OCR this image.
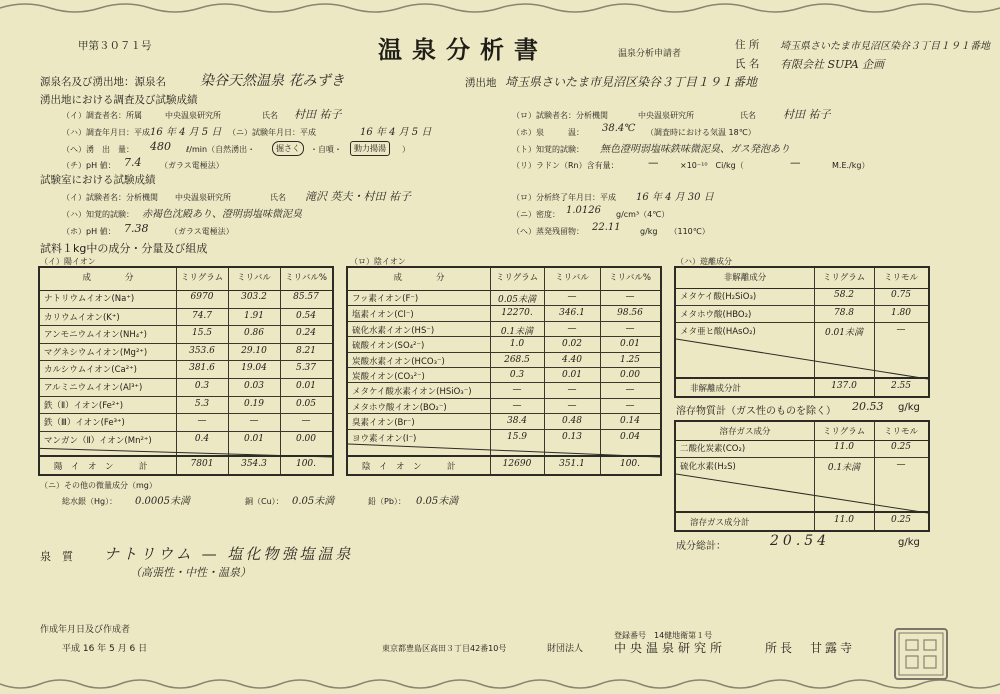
甲第３０７１号	温泉分析書	温泉分析申請者
住 所 埼玉県さいたま市見沼区染谷３丁目１９１番地
氏 名 有限会社 SUPA 企画
源泉名及び湧出地：源泉名 染谷天然温泉 花みずき	湧出地 埼玉県さいたま市見沼区染谷３丁目１９１番地
湧出地における調査及び試験成績
（イ）調査者名：所属	中央温泉研究所	氏名 村田 祐子
（ハ）調査年月日：平成 16 年 4 月 5 日 （ニ）試験年月日：平成	16 年 4 月 5 日
（ヘ）湧　出　量： 480 ℓ/min（自然湧出・	掘さく	・自噴・	動力揚湯	）
（チ）pH 値： 7.4 （ガラス電極法）
（ロ）試験者名：分析機関	中央温泉研究所	氏名 村田 祐子
（ホ）泉　　　温： 38.4℃ （調査時における気温 18℃）
（ト）知覚的試験： 無色澄明弱塩味鉄味微泥臭、ガス発泡あり
（リ）ラドン（Rn）含有量：	—	×10⁻¹⁰　Ci/kg（	—	M.E./kg）
試験室における試験成績
（イ）試験者名：分析機関 中央温泉研究所	氏名 滝沢 英夫・村田 祐子
（ハ）知覚的試験： 赤褐色沈殿あり、澄明弱塩味微泥臭
（ホ）pH 値： 7.38	（ガラス電極法）
（ロ）分析終了年月日：平成 16 年 4 月 30 日
（ニ）密度： 1.0126 g/cm³（4℃）
（ヘ）蒸発残留物： 22.11 g/kg　　（110℃）
試料１kg中の成分・分量及び組成
（イ）陽イオン
成　　　　分	ミリグラム	ミリバル	ミリバル%
ナトリウムイオン(Na⁺)	6970	303.2	85.57
カリウムイオン(K⁺)	74.7	1.91	0.54
アンモニウムイオン(NH₄⁺)	15.5	0.86	0.24
マグネシウムイオン(Mg²⁺)	353.6	29.10	8.21
カルシウムイオン(Ca²⁺)	381.6	19.04	5.37
アルミニウムイオン(Al³⁺)	0.3	0.03	0.01
鉄（Ⅱ）イオン(Fe²⁺)	5.3	0.19	0.05
鉄（Ⅲ）イオン(Fe³⁺)	—	—	—
マンガン（Ⅱ）イオン(Mn²⁺)	0.4	0.01	0.00
陽　イ　オ　ン　　　計	7801	354.3	100.
（ロ）陰イオン
成　　　　分	ミリグラム	ミリバル	ミリバル%
フッ素イオン(F⁻)	0.05未満	—	—
塩素イオン(Cl⁻)	12270.	346.1	98.56
硫化水素イオン(HS⁻)	0.1未満	—	—
硫酸イオン(SO₄²⁻)	1.0	0.02	0.01
炭酸水素イオン(HCO₃⁻)	268.5	4.40	1.25
炭酸イオン(CO₃²⁻)	0.3	0.01	0.00
メタケイ酸水素イオン(HSiO₃⁻)	—	—	—
メタホウ酸イオン(BO₂⁻)	—	—	—
臭素イオン(Br⁻)	38.4	0.48	0.14
ヨウ素イオン(I⁻)	15.9	0.13	0.04
陰　イ　オ　ン　　　計	12690	351.1	100.
（ハ）遊離成分
非解離成分	ミリグラム	ミリモル
メタケイ酸(H₂SiO₃)	58.2	0.75
メタホウ酸(HBO₂)	78.8	1.80
メタ亜ヒ酸(HAsO₂)	0.01未満	—
非解離成分計	137.0	2.55
溶存物質計（ガス性のものを除く） 20.53 g/kg
溶存ガス成分	ミリグラム	ミリモル
二酸化炭素(CO₂)	11.0	0.25
硫化水素(H₂S)	0.1未満	—
溶存ガス成分計	11.0	0.25
成分総計：	20.54	g/kg
（ニ）その他の微量成分（mg）
総水銀（Hg）： 0.0005未満	銅（Cu）： 0.05未満	鉛（Pb）： 0.05未満
泉　質 ナトリウム — 塩化物強塩温泉
（高張性・中性・温泉）
作成年月日及び作成者
平成 16 年 5 月 6 日	東京都豊島区高田３丁目42番10号
登録番号　14健地衛第１号
財団法人	中央温泉研究所	所長　甘露寺
